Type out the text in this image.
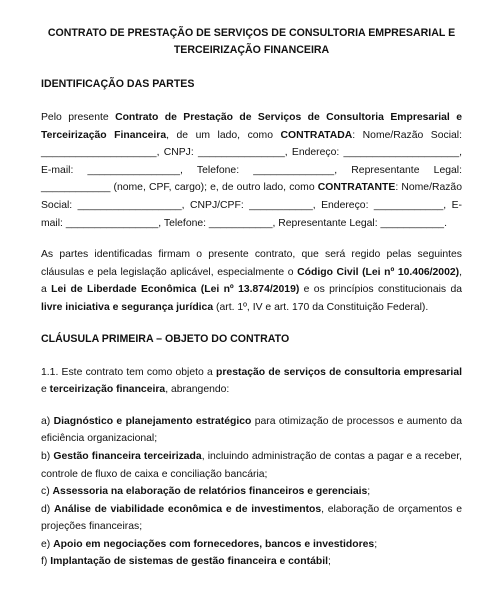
CONTRATO DE PRESTAÇÃO DE SERVIÇOS DE CONSULTORIA EMPRESARIAL E
TERCEIRIZAÇÃO FINANCEIRA
IDENTIFICAÇÃO DAS PARTES
Pelo presente Contrato de Prestação de Serviços de Consultoria Empresarial e Terceirização Financeira, de um lado, como CONTRATADA: Nome/Razão Social: ____________________, CNPJ: _______________, Endereço: ____________________, E-mail: ________________, Telefone: ______________, Representante Legal: ____________ (nome, CPF, cargo); e, de outro lado, como CONTRATANTE: Nome/Razão Social: __________________, CNPJ/CPF: ___________, Endereço: ____________, E-mail: ________________, Telefone: ___________, Representante Legal: ___________.
As partes identificadas firmam o presente contrato, que será regido pelas seguintes cláusulas e pela legislação aplicável, especialmente o Código Civil (Lei nº 10.406/2002), a Lei de Liberdade Econômica (Lei nº 13.874/2019) e os princípios constitucionais da livre iniciativa e segurança jurídica (art. 1º, IV e art. 170 da Constituição Federal).
CLÁUSULA PRIMEIRA – OBJETO DO CONTRATO
1.1. Este contrato tem como objeto a prestação de serviços de consultoria empresarial e terceirização financeira, abrangendo:
a) Diagnóstico e planejamento estratégico para otimização de processos e aumento da eficiência organizacional;
b) Gestão financeira terceirizada, incluindo administração de contas a pagar e a receber, controle de fluxo de caixa e conciliação bancária;
c) Assessoria na elaboração de relatórios financeiros e gerenciais;
d) Análise de viabilidade econômica e de investimentos, elaboração de orçamentos e projeções financeiras;
e) Apoio em negociações com fornecedores, bancos e investidores;
f) Implantação de sistemas de gestão financeira e contábil;
